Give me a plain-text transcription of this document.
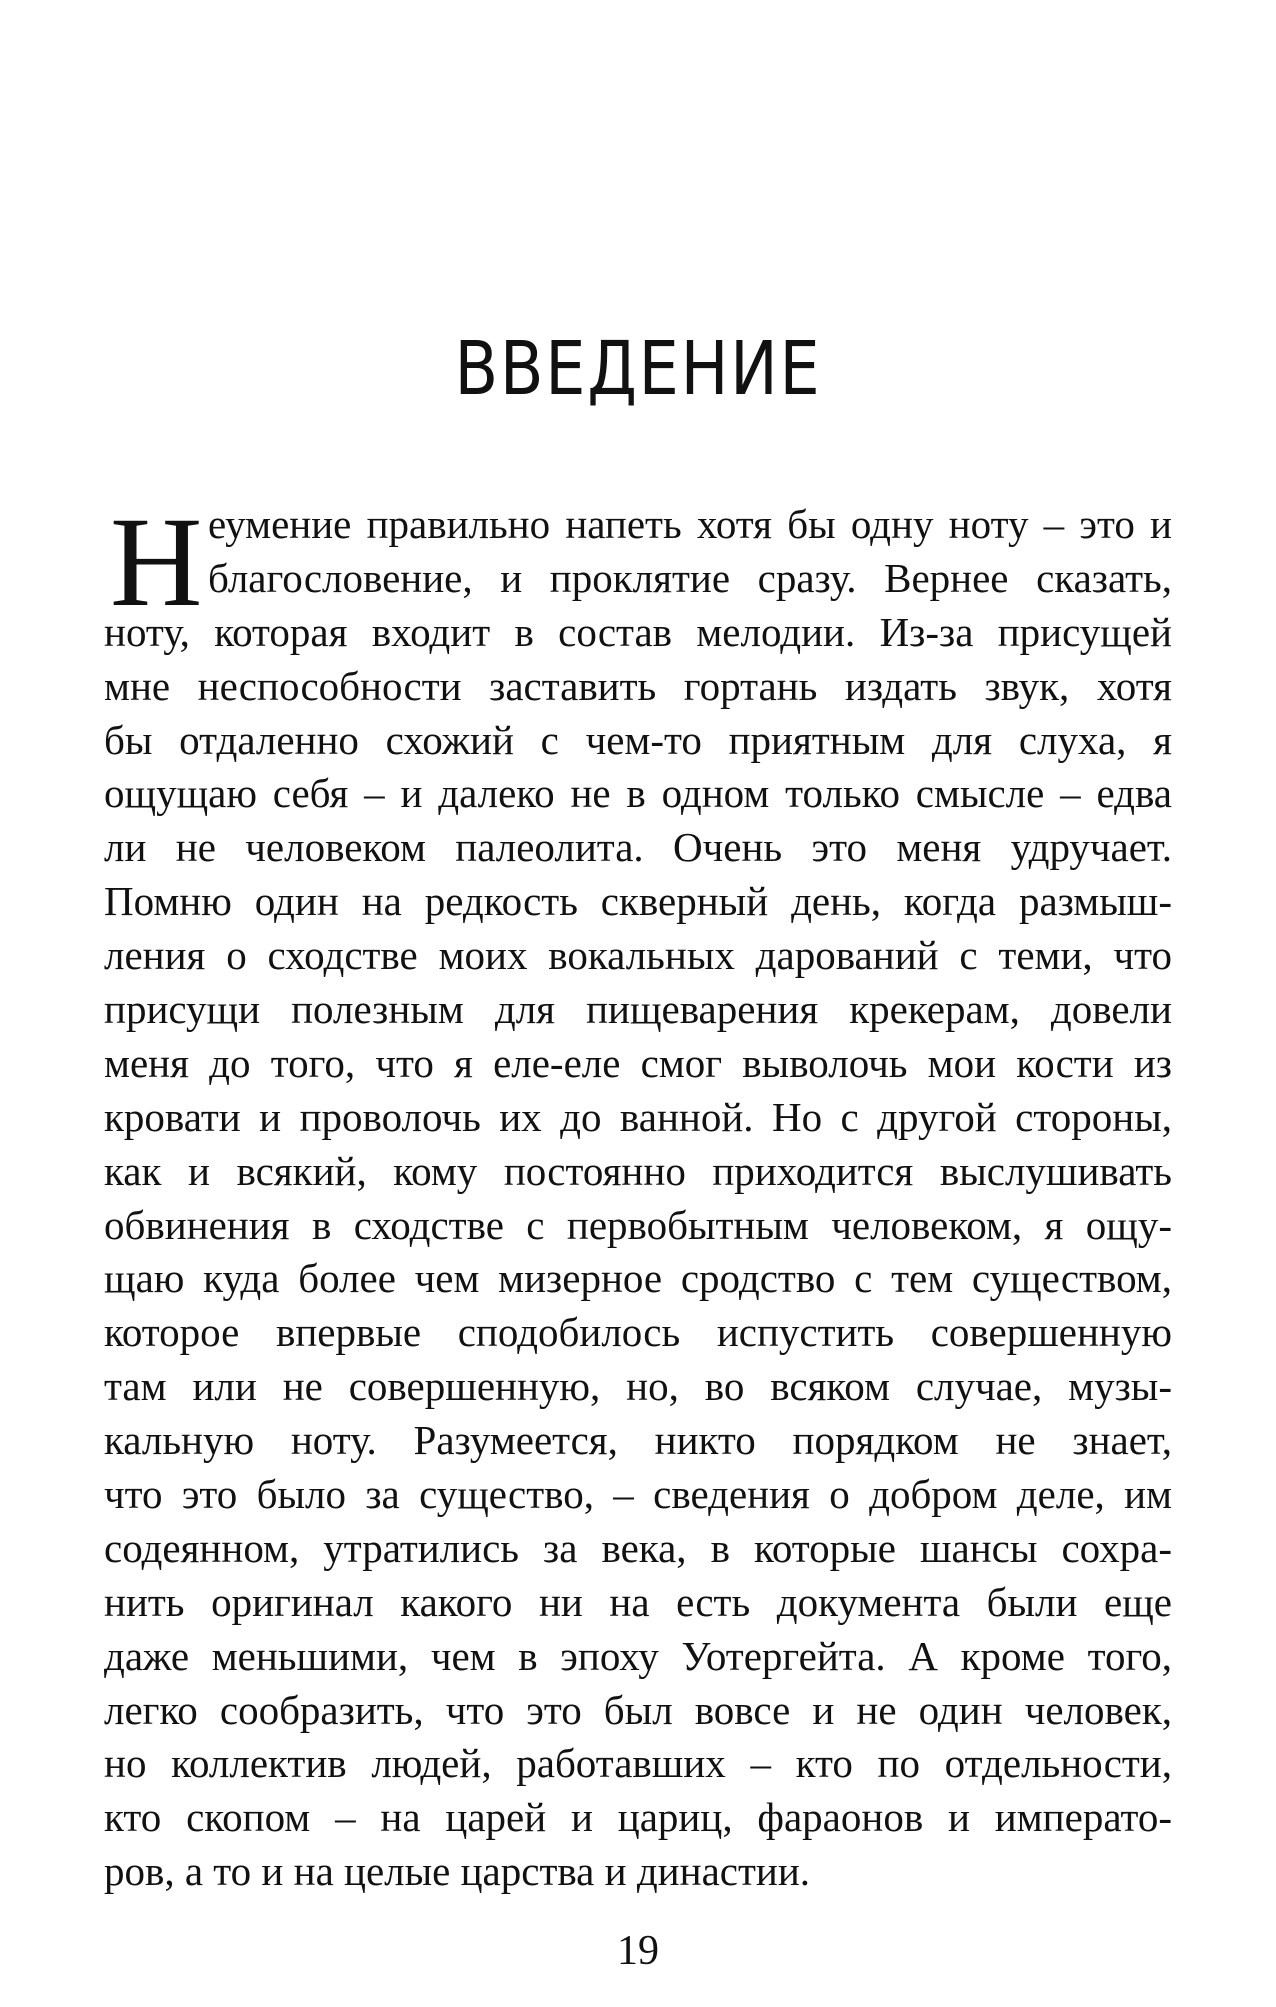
ВВЕДЕНИЕ
Н еумение правильно напеть хотя бы одну ноту – это и
благословение, и проклятие сразу. Вернее сказать,
ноту, которая входит в состав мелодии. Из-за присущей
мне неспособности заставить гортань издать звук, хотя
бы отдаленно схожий с чем-то приятным для слуха, я
ощущаю себя – и далеко не в одном только смысле – едва
ли не человеком палеолита. Очень это меня удручает.
Помню один на редкость скверный день, когда размыш-
ления о сходстве моих вокальных дарований с теми, что
присущи полезным для пищеварения крекерам, довели
меня до того, что я еле-еле смог выволочь мои кости из
кровати и проволочь их до ванной. Но с другой стороны,
как и всякий, кому постоянно приходится выслушивать
обвинения в сходстве с первобытным человеком, я ощу-
щаю куда более чем мизерное сродство с тем существом,
которое впервые сподобилось испустить совершенную
там или не совершенную, но, во всяком случае, музы-
кальную ноту. Разумеется, никто порядком не знает,
что это было за существо, – сведения о добром деле, им
содеянном, утратились за века, в которые шансы сохра-
нить оригинал какого ни на есть документа были еще
даже меньшими, чем в эпоху Уотергейта. А кроме того,
легко сообразить, что это был вовсе и не один человек,
но коллектив людей, работавших – кто по отдельности,
кто скопом – на царей и цариц, фараонов и императо-
ров, а то и на целые царства и династии.
19
